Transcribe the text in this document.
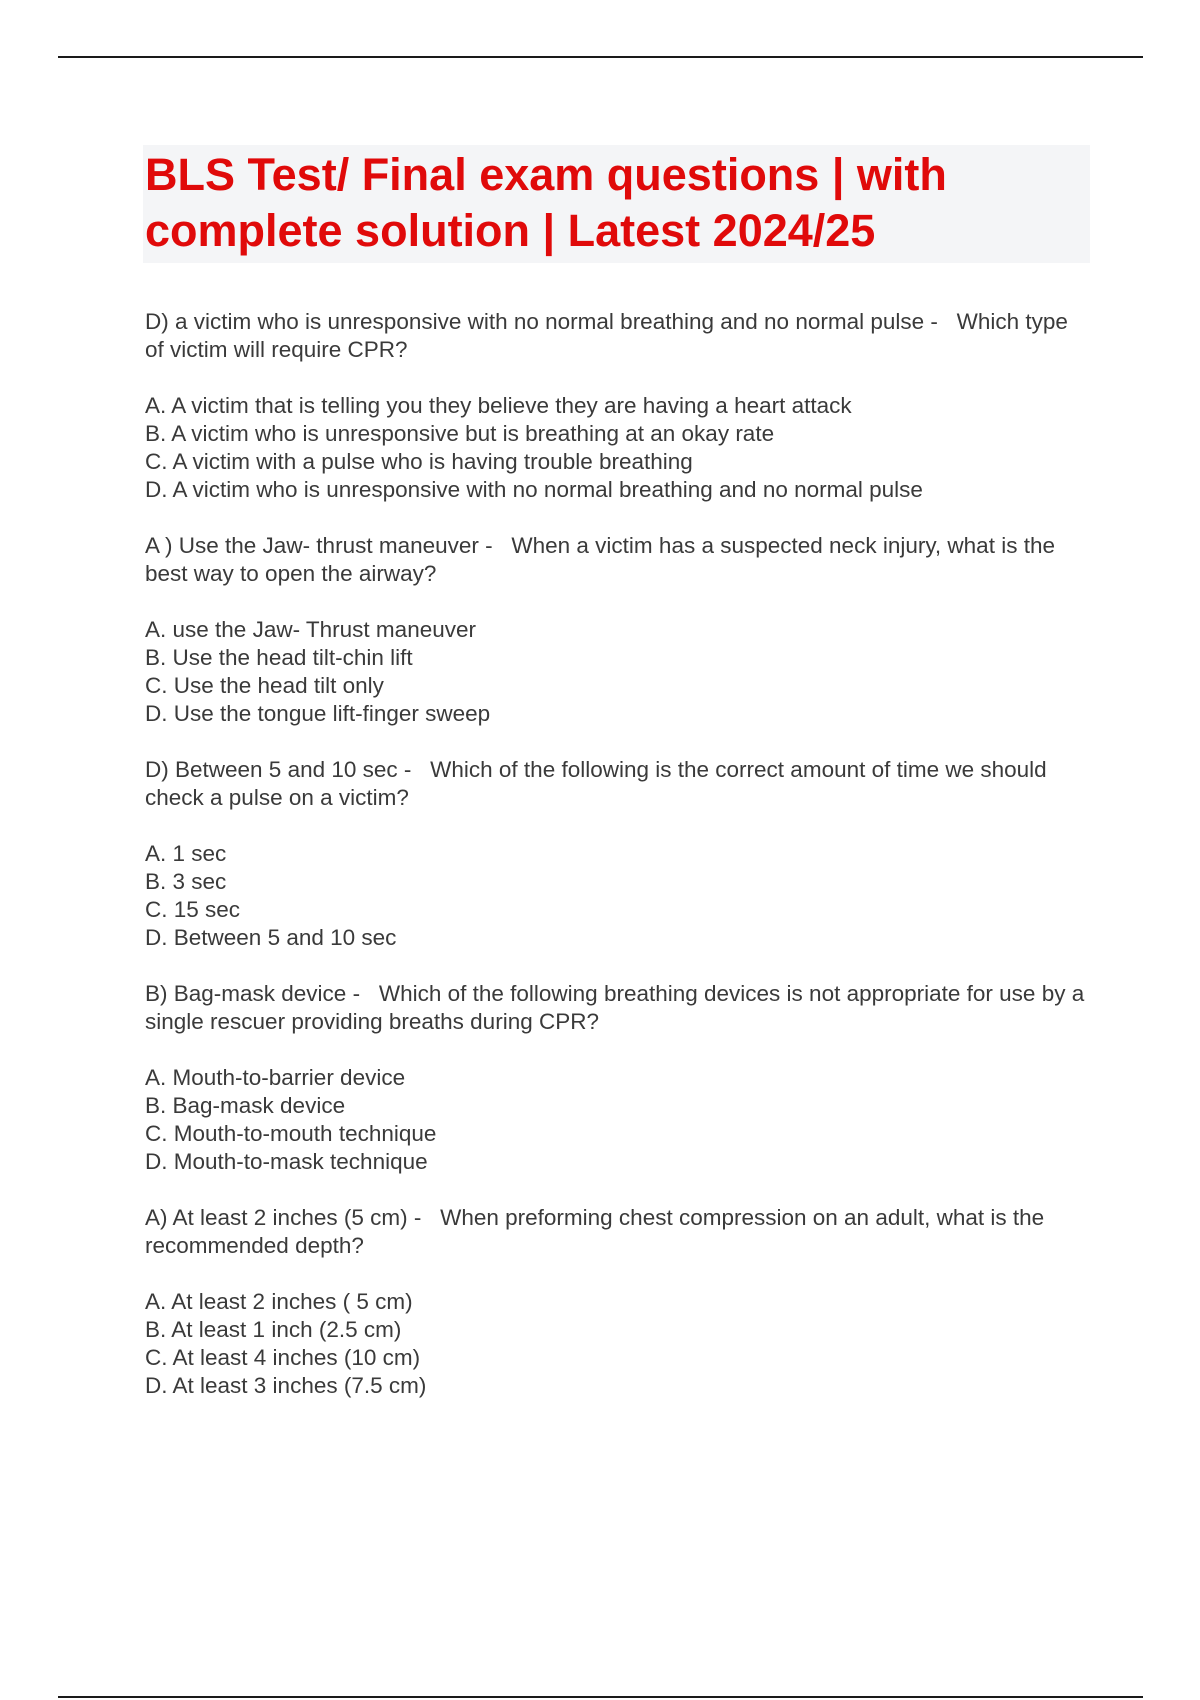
BLS Test/ Final exam questions | with complete solution | Latest 2024/25

D) a victim who is unresponsive with no normal breathing and no normal pulse -   Which type of victim will require CPR?

A. A victim that is telling you they believe they are having a heart attack
B. A victim who is unresponsive but is breathing at an okay rate
C. A victim with a pulse who is having trouble breathing
D. A victim who is unresponsive with no normal breathing and no normal pulse

A ) Use the Jaw- thrust maneuver -   When a victim has a suspected neck injury, what is the best way to open the airway?

A. use the Jaw- Thrust maneuver
B. Use the head tilt-chin lift
C. Use the head tilt only
D. Use the tongue lift-finger sweep

D) Between 5 and 10 sec -   Which of the following is the correct amount of time we should check a pulse on a victim?

A. 1 sec
B. 3 sec
C. 15 sec
D. Between 5 and 10 sec

B) Bag-mask device -   Which of the following breathing devices is not appropriate for use by a single rescuer providing breaths during CPR?

A. Mouth-to-barrier device
B. Bag-mask device
C. Mouth-to-mouth technique
D. Mouth-to-mask technique

A) At least 2 inches (5 cm) -   When preforming chest compression on an adult, what is the recommended depth?

A. At least 2 inches ( 5 cm)
B. At least 1 inch (2.5 cm)
C. At least 4 inches (10 cm)
D. At least 3 inches (7.5 cm)
